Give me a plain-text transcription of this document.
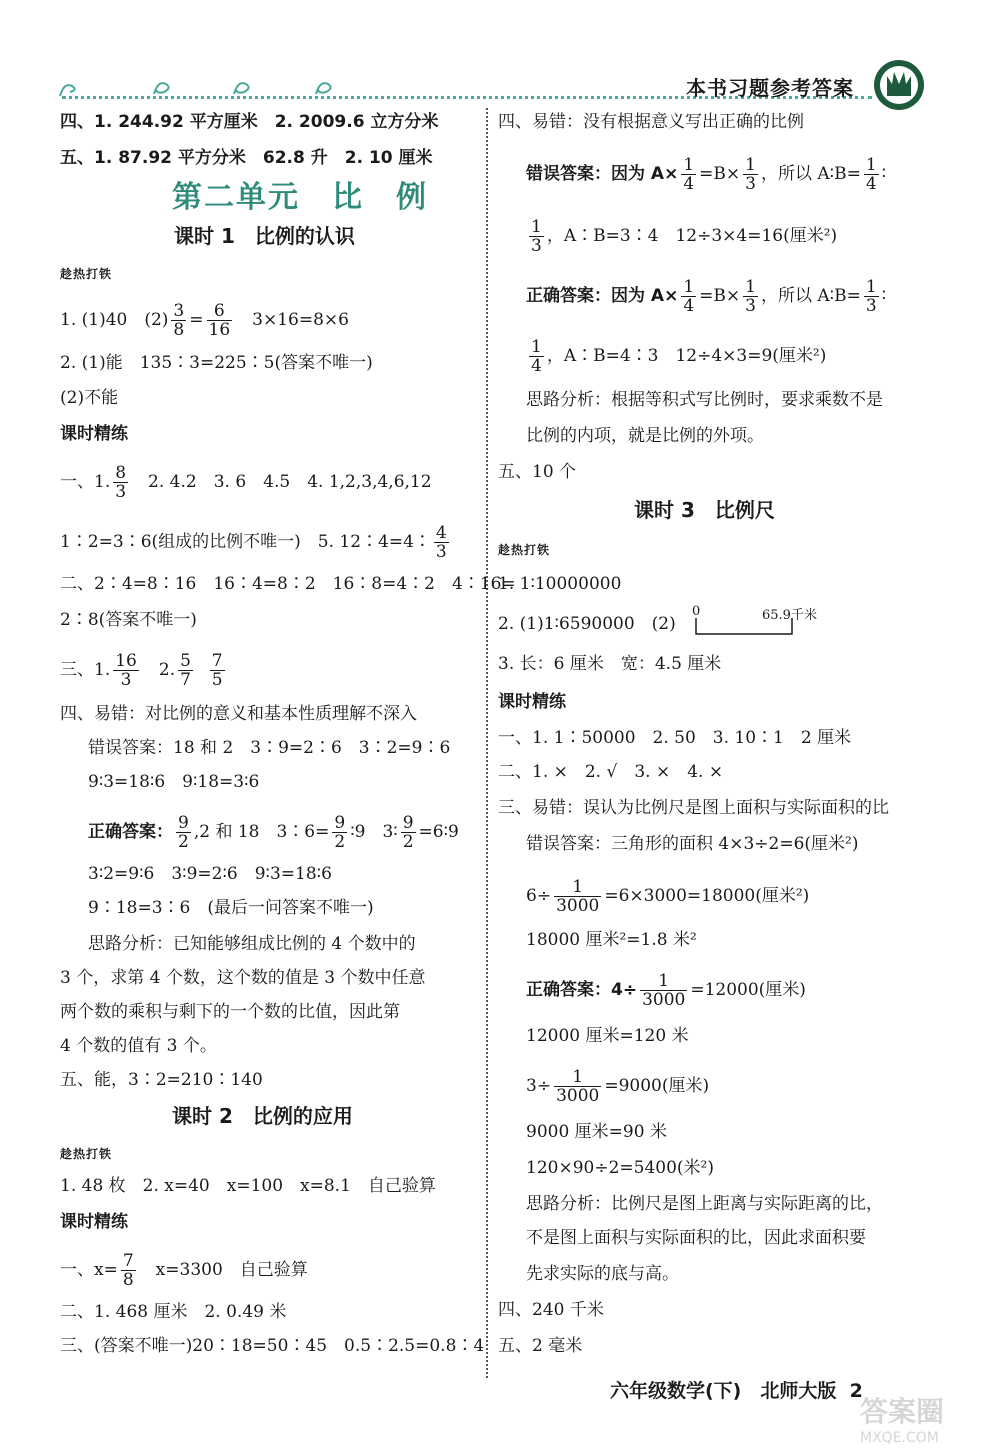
本书习题参考答案
四、1. 244.92 平方厘米　2. 2009.6 立方分米
五、1. 87.92 平方分米　62.8 升　2. 10 厘米
第二单元　比　例
课时 1　比例的认识
趁热打铁
1. (1)40　$(2) \frac{3}{8} = \frac{6}{16}$ 　3×16=8×6
2. (1)能　135∶3=225∶5(答案不唯一)
(2)不能
课时精练
一、1. $\frac{8}{3}$ 　2. 4.2　3. 6　4.5　4. 1,2,3,4,6,12
1∶2=3∶6(组成的比例不唯一)　5. 12∶4=4∶ $\frac{4}{3}$
二、2∶4=8∶16　16∶4=8∶2　16∶8=4∶2　4∶16=
2∶8(答案不唯一)
三、1. $\frac{16}{3}$ 　2. $\frac{5}{7}$
$\frac{7}{5}$
四、易错：对比例的意义和基本性质理解不深入
错误答案：18 和 2　3∶9=2∶6　3∶2=9∶6
9∶3=18∶6　9∶18=3∶6
正确答案： $\frac{9}{2} ,2$ 和 18　3∶6= $\frac{9}{2}$ ∶9　3∶ $\frac{9}{2}$ =6∶9
3∶2=9∶6　3∶9=2∶6　9∶3=18∶6
9∶18=3∶6　(最后一问答案不唯一)
思路分析：已知能够组成比例的 4 个数中的
3 个，求第 4 个数，这个数的值是 3 个数中任意
两个数的乘积与剩下的一个数的比值，因此第
4 个数的值有 3 个。
五、能，3∶2=210∶140
课时 2　比例的应用
趁热打铁
1. 48 枚　2. x=40　x=100　x=8.1　自己验算
课时精练
一、$x= \frac{7}{8}$ 　x=3300　自己验算
二、1. 468 厘米　2. 0.49 米
三、(答案不唯一)20∶18=50∶45　0.5∶2.5=0.8∶4
四、易错：没有根据意义写出正确的比例
错误答案：因为 $A\times \frac{1}{4} =B\times \frac{1}{3}$ ，所以 A∶B= $\frac{1}{4}$ ∶
$\frac{1}{3}$ ，A∶B=3∶4　12÷3×4=16(厘米²)
正确答案：因为 $A\times \frac{1}{4} =B\times \frac{1}{3}$ ，所以 A∶B= $\frac{1}{3}$ ∶
$\frac{1}{4}$ ，A∶B=4∶3　12÷4×3=9(厘米²)
思路分析：根据等积式写比例时，要求乘数不是
比例的内项，就是比例的外项。
五、10 个
课时 3　比例尺
趁热打铁
1. 1∶10000000
2. (1)1∶6590000　(2)
0	65.9千米
3. 长：6 厘米　宽：4.5 厘米
课时精练
一、1. 1∶50000　2. 50　3. 10∶1　2 厘米
二、1. ×　2. √　3. ×　4. ×
三、易错：误认为比例尺是图上面积与实际面积的比
错误答案：三角形的面积 4×3÷2=6(厘米²)
$6\div \frac{1}{3000} =6\times 3000=18000$(厘米²)
18000 厘米²=1.8 米²
正确答案：$4\div \frac{1}{3000} =12000$(厘米)
12000 厘米=120 米
$3\div \frac{1}{3000} =9000$(厘米)
9000 厘米=90 米
120×90÷2=5400(米²)
思路分析：比例尺是图上距离与实际距离的比，
不是图上面积与实际面积的比，因此求面积要
先求实际的底与高。
四、240 千米
五、2 毫米
六年级数学(下)　北师大版 2
答案圈
MXQE.COM
